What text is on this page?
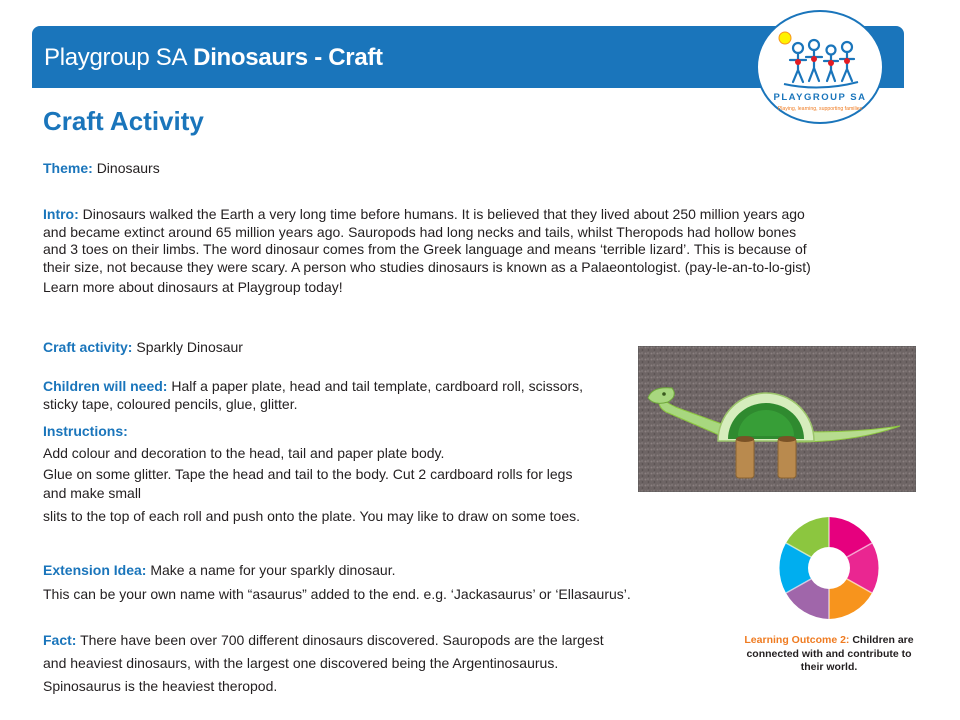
Playgroup SA Dinosaurs - Craft
PLAYGROUP SA
Playing, learning, supporting families
Craft Activity

Theme: Dinosaurs

Intro: Dinosaurs walked the Earth a very long time before humans. It is believed that they lived about 250 million years ago
and became extinct around 65 million years ago. Sauropods had long necks and tails, whilst Theropods had hollow bones
and 3 toes on their limbs. The word dinosaur comes from the Greek language and means ‘terrible lizard’. This is because of
their size, not because they were scary. A person who studies dinosaurs is known as a Palaeontologist. (pay-le-an-to-lo-gist)
Learn more about dinosaurs at Playgroup today!

Craft activity: Sparkly Dinosaur

Children will need: Half a paper plate, head and tail template, cardboard roll, scissors,
sticky tape, coloured pencils, glue, glitter.
Instructions:
Add colour and decoration to the head, tail and paper plate body.
Glue on some glitter. Tape the head and tail to the body. Cut 2 cardboard rolls for legs
and make small
slits to the top of each roll and push onto the plate. You may like to draw on some toes.
Extension Idea: Make a name for your sparkly dinosaur.
This can be your own name with “asaurus” added to the end. e.g. ‘Jackasaurus’ or ‘Ellasaurus’.
Fact: There have been over 700 different dinosaurs discovered. Sauropods are the largest
and heaviest dinosaurs, with the largest one discovered being the Argentinosaurus.
Spinosaurus is the heaviest theropod.
Learning Outcome 2: Children are connected with and contribute to their world.
